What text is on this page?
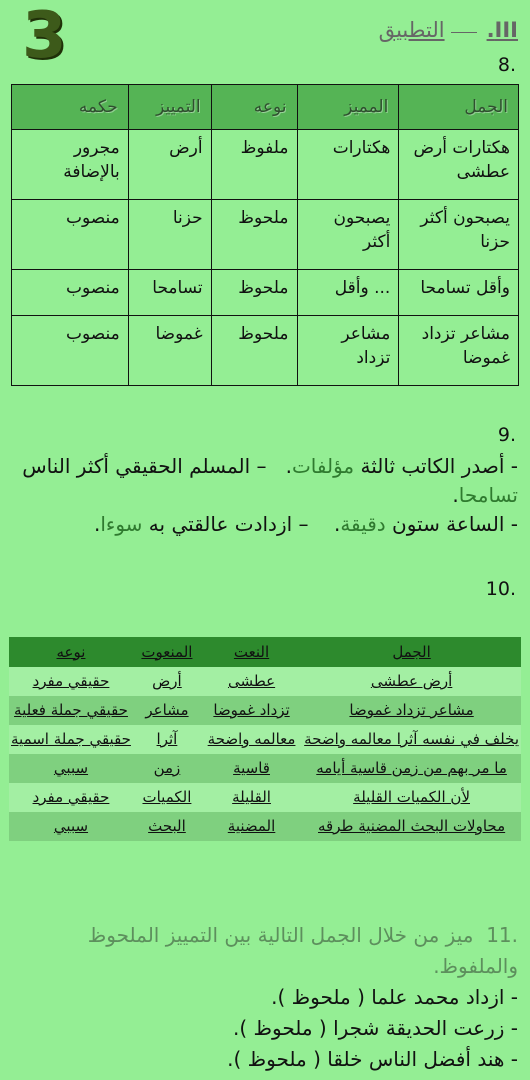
3	III.التطبيق
8.
الجمل	المميز	نوعه	التمييز	حكمه
هكتارات أرض عطشى	هكتارات	ملفوظ	أرض	مجرور بالإضافة
يصبحون أكثر حزنا	يصبحون أكثر	ملحوظ	حزنا	منصوب
وأقل تسامحا	... وأقل	ملحوظ	تسامحا	منصوب
مشاعر تزداد غموضا	مشاعر تزداد	ملحوظ	غموضا	منصوب
9.
- أصدر الكاتب ثالثة مؤلفات.   – المسلم الحقيقي أكثر الناس تسامحا.
- الساعة ستون دقيقة.    – ازدادت عالقتي به سوءا.
10.
الجمل	النعت	المنعوت	نوعه
أرض عطشى	عطشى	أرض	حقيقي مفرد
مشاعر تزداد غموضا	تزداد غموضا	مشاعر	حقيقي جملة فعلية
يخلف في نفسه آثرا معالمه واضحة	معالمه واضحة	آثرا	حقيقي جملة اسمية
ما مر بهم من زمن قاسية أيامه	قاسية	زمن	سببي
لأن الكميات القليلة	القليلة	الكميات	حقيقي مفرد
محاولات البحث المضنية طرقه	المضنية	البحث	سببي
11.  ميز من خلال الجمل التالية بين التمييز الملحوظ والملفوظ.
- ازداد محمد علما ( ملحوظ ).
- زرعت الحديقة شجرا ( ملحوظ ).
- هند أفضل الناس خلقا ( ملحوظ ).
